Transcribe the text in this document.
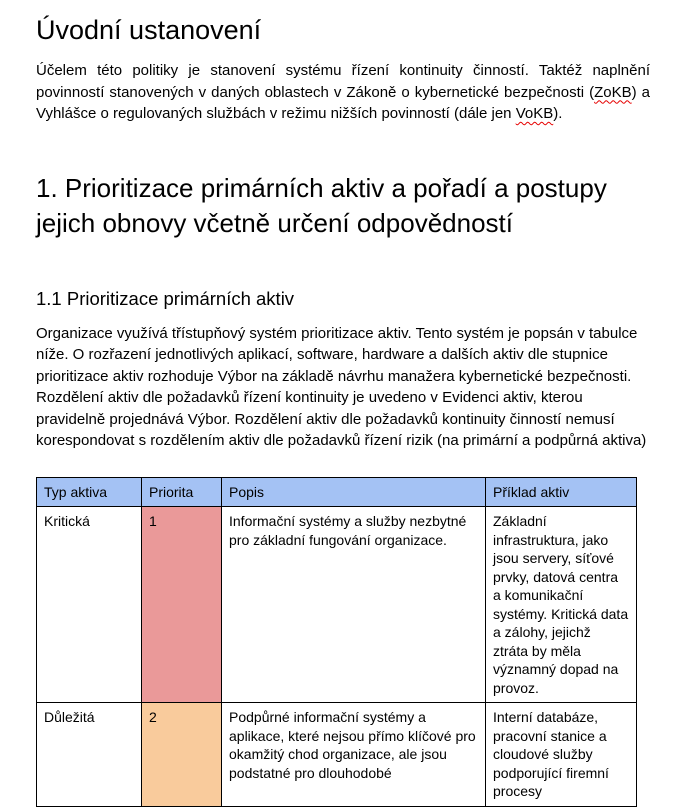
Úvodní ustanovení

Účelem této politiky je stanovení systému řízení kontinuity činností. Taktéž naplnění povinností stanovených v daných oblastech v Zákoně o kybernetické bezpečnosti (ZoKB) a Vyhlášce o regulovaných službách v režimu nižších povinností (dále jen VoKB).

1. Prioritizace primárních aktiv a pořadí a postupy
jejich obnovy včetně určení odpovědností
1.1 Prioritizace primárních aktiv

Organizace využívá třístupňový systém prioritizace aktiv. Tento systém je popsán v tabulce níže. O rozřazení jednotlivých aplikací, software, hardware a dalších aktiv dle stupnice prioritizace aktiv rozhoduje Výbor na základě návrhu manažera kybernetické bezpečnosti. Rozdělení aktiv dle požadavků řízení kontinuity je uvedeno v Evidenci aktiv, kterou pravidelně projednává Výbor. Rozdělení aktiv dle požadavků kontinuity činností nemusí korespondovat s rozdělením aktiv dle požadavků řízení rizik (na primární a podpůrná aktiva)

Typ aktiva	Priorita	Popis	Příklad aktiv
Kritická	1	Informační systémy a služby nezbytné pro základní fungování organizace.	Základní infrastruktura, jako jsou servery, síťové prvky, datová centra a komunikační systémy. Kritická data a zálohy, jejichž ztráta by měla významný dopad na provoz.
Důležitá	2	Podpůrné informační systémy a aplikace, které nejsou přímo klíčové pro okamžitý chod organizace, ale jsou podstatné pro dlouhodobé	Interní databáze, pracovní stanice a cloudové služby podporující firemní procesy
